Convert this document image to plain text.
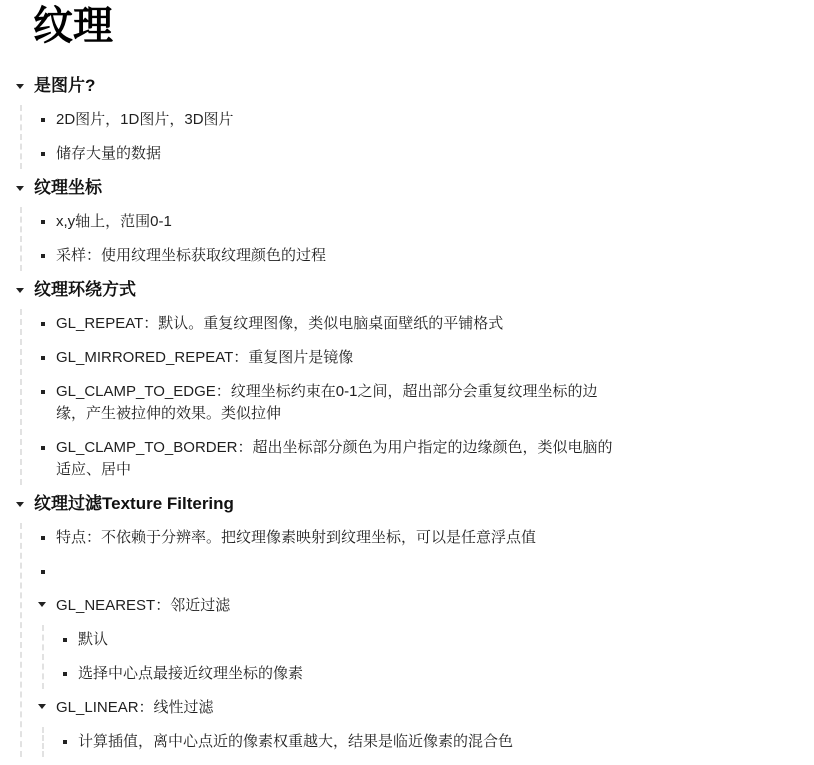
纹理
是图片?
2D图片，1D图片，3D图片
储存大量的数据
纹理坐标
x,y轴上，范围0-1
采样：使用纹理坐标获取纹理颜色的过程
纹理环绕方式
GL_REPEAT：默认。重复纹理图像，类似电脑桌面壁纸的平铺格式
GL_MIRRORED_REPEAT：重复图片是镜像
GL_CLAMP_TO_EDGE：纹理坐标约束在0-1之间，超出部分会重复纹理坐标的边缘，产生被拉伸的效果。类似拉伸
GL_CLAMP_TO_BORDER：超出坐标部分颜色为用户指定的边缘颜色，类似电脑的适应、居中
纹理过滤Texture Filtering
特点：不依赖于分辨率。把纹理像素映射到纹理坐标，可以是任意浮点值
GL_NEAREST：邻近过滤
默认
选择中心点最接近纹理坐标的像素
GL_LINEAR：线性过滤
计算插值，离中心点近的像素权重越大，结果是临近像素的混合色
